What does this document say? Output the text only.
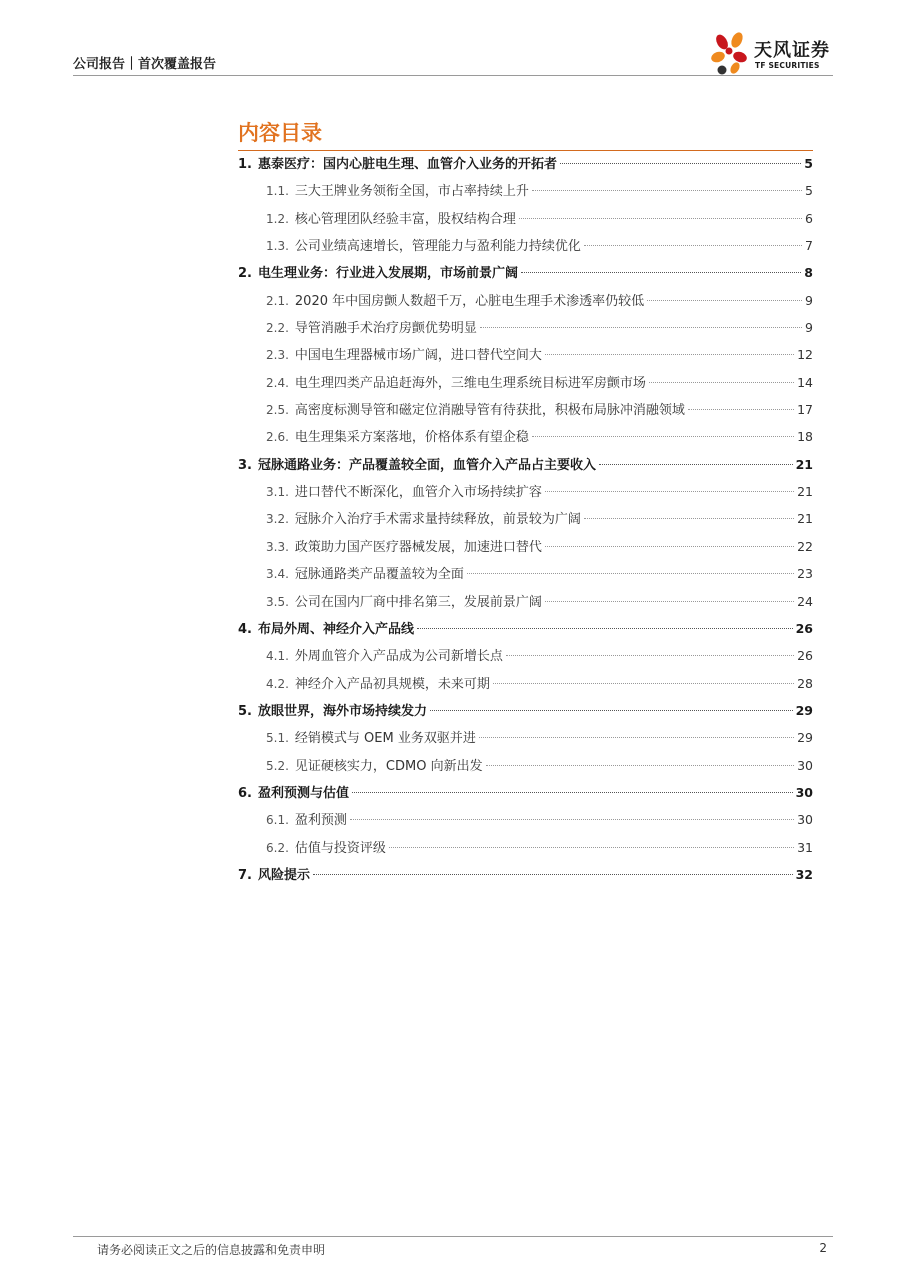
公司报告｜首次覆盖报告
天风证券
TF SECURITIES
内容目录
1. 惠泰医疗：国内心脏电生理、血管介入业务的开拓者	5
1.1. 三大王牌业务领衔全国，市占率持续上升	5
1.2. 核心管理团队经验丰富，股权结构合理	6
1.3. 公司业绩高速增长，管理能力与盈利能力持续优化	7
2. 电生理业务：行业进入发展期，市场前景广阔	8
2.1. 2020 年中国房颤人数超千万，心脏电生理手术渗透率仍较低	9
2.2. 导管消融手术治疗房颤优势明显	9
2.3. 中国电生理器械市场广阔，进口替代空间大	12
2.4. 电生理四类产品追赶海外，三维电生理系统目标进军房颤市场	14
2.5. 高密度标测导管和磁定位消融导管有待获批，积极布局脉冲消融领域	17
2.6. 电生理集采方案落地，价格体系有望企稳	18
3. 冠脉通路业务：产品覆盖较全面，血管介入产品占主要收入	21
3.1. 进口替代不断深化，血管介入市场持续扩容	21
3.2. 冠脉介入治疗手术需求量持续释放，前景较为广阔	21
3.3. 政策助力国产医疗器械发展，加速进口替代	22
3.4. 冠脉通路类产品覆盖较为全面	23
3.5. 公司在国内厂商中排名第三，发展前景广阔	24
4. 布局外周、神经介入产品线	26
4.1. 外周血管介入产品成为公司新增长点	26
4.2. 神经介入产品初具规模，未来可期	28
5. 放眼世界，海外市场持续发力	29
5.1. 经销模式与 OEM 业务双驱并进	29
5.2. 见证硬核实力，CDMO 向新出发	30
6. 盈利预测与估值	30
6.1. 盈利预测	30
6.2. 估值与投资评级	31
7. 风险提示	32
请务必阅读正文之后的信息披露和免责申明	2
